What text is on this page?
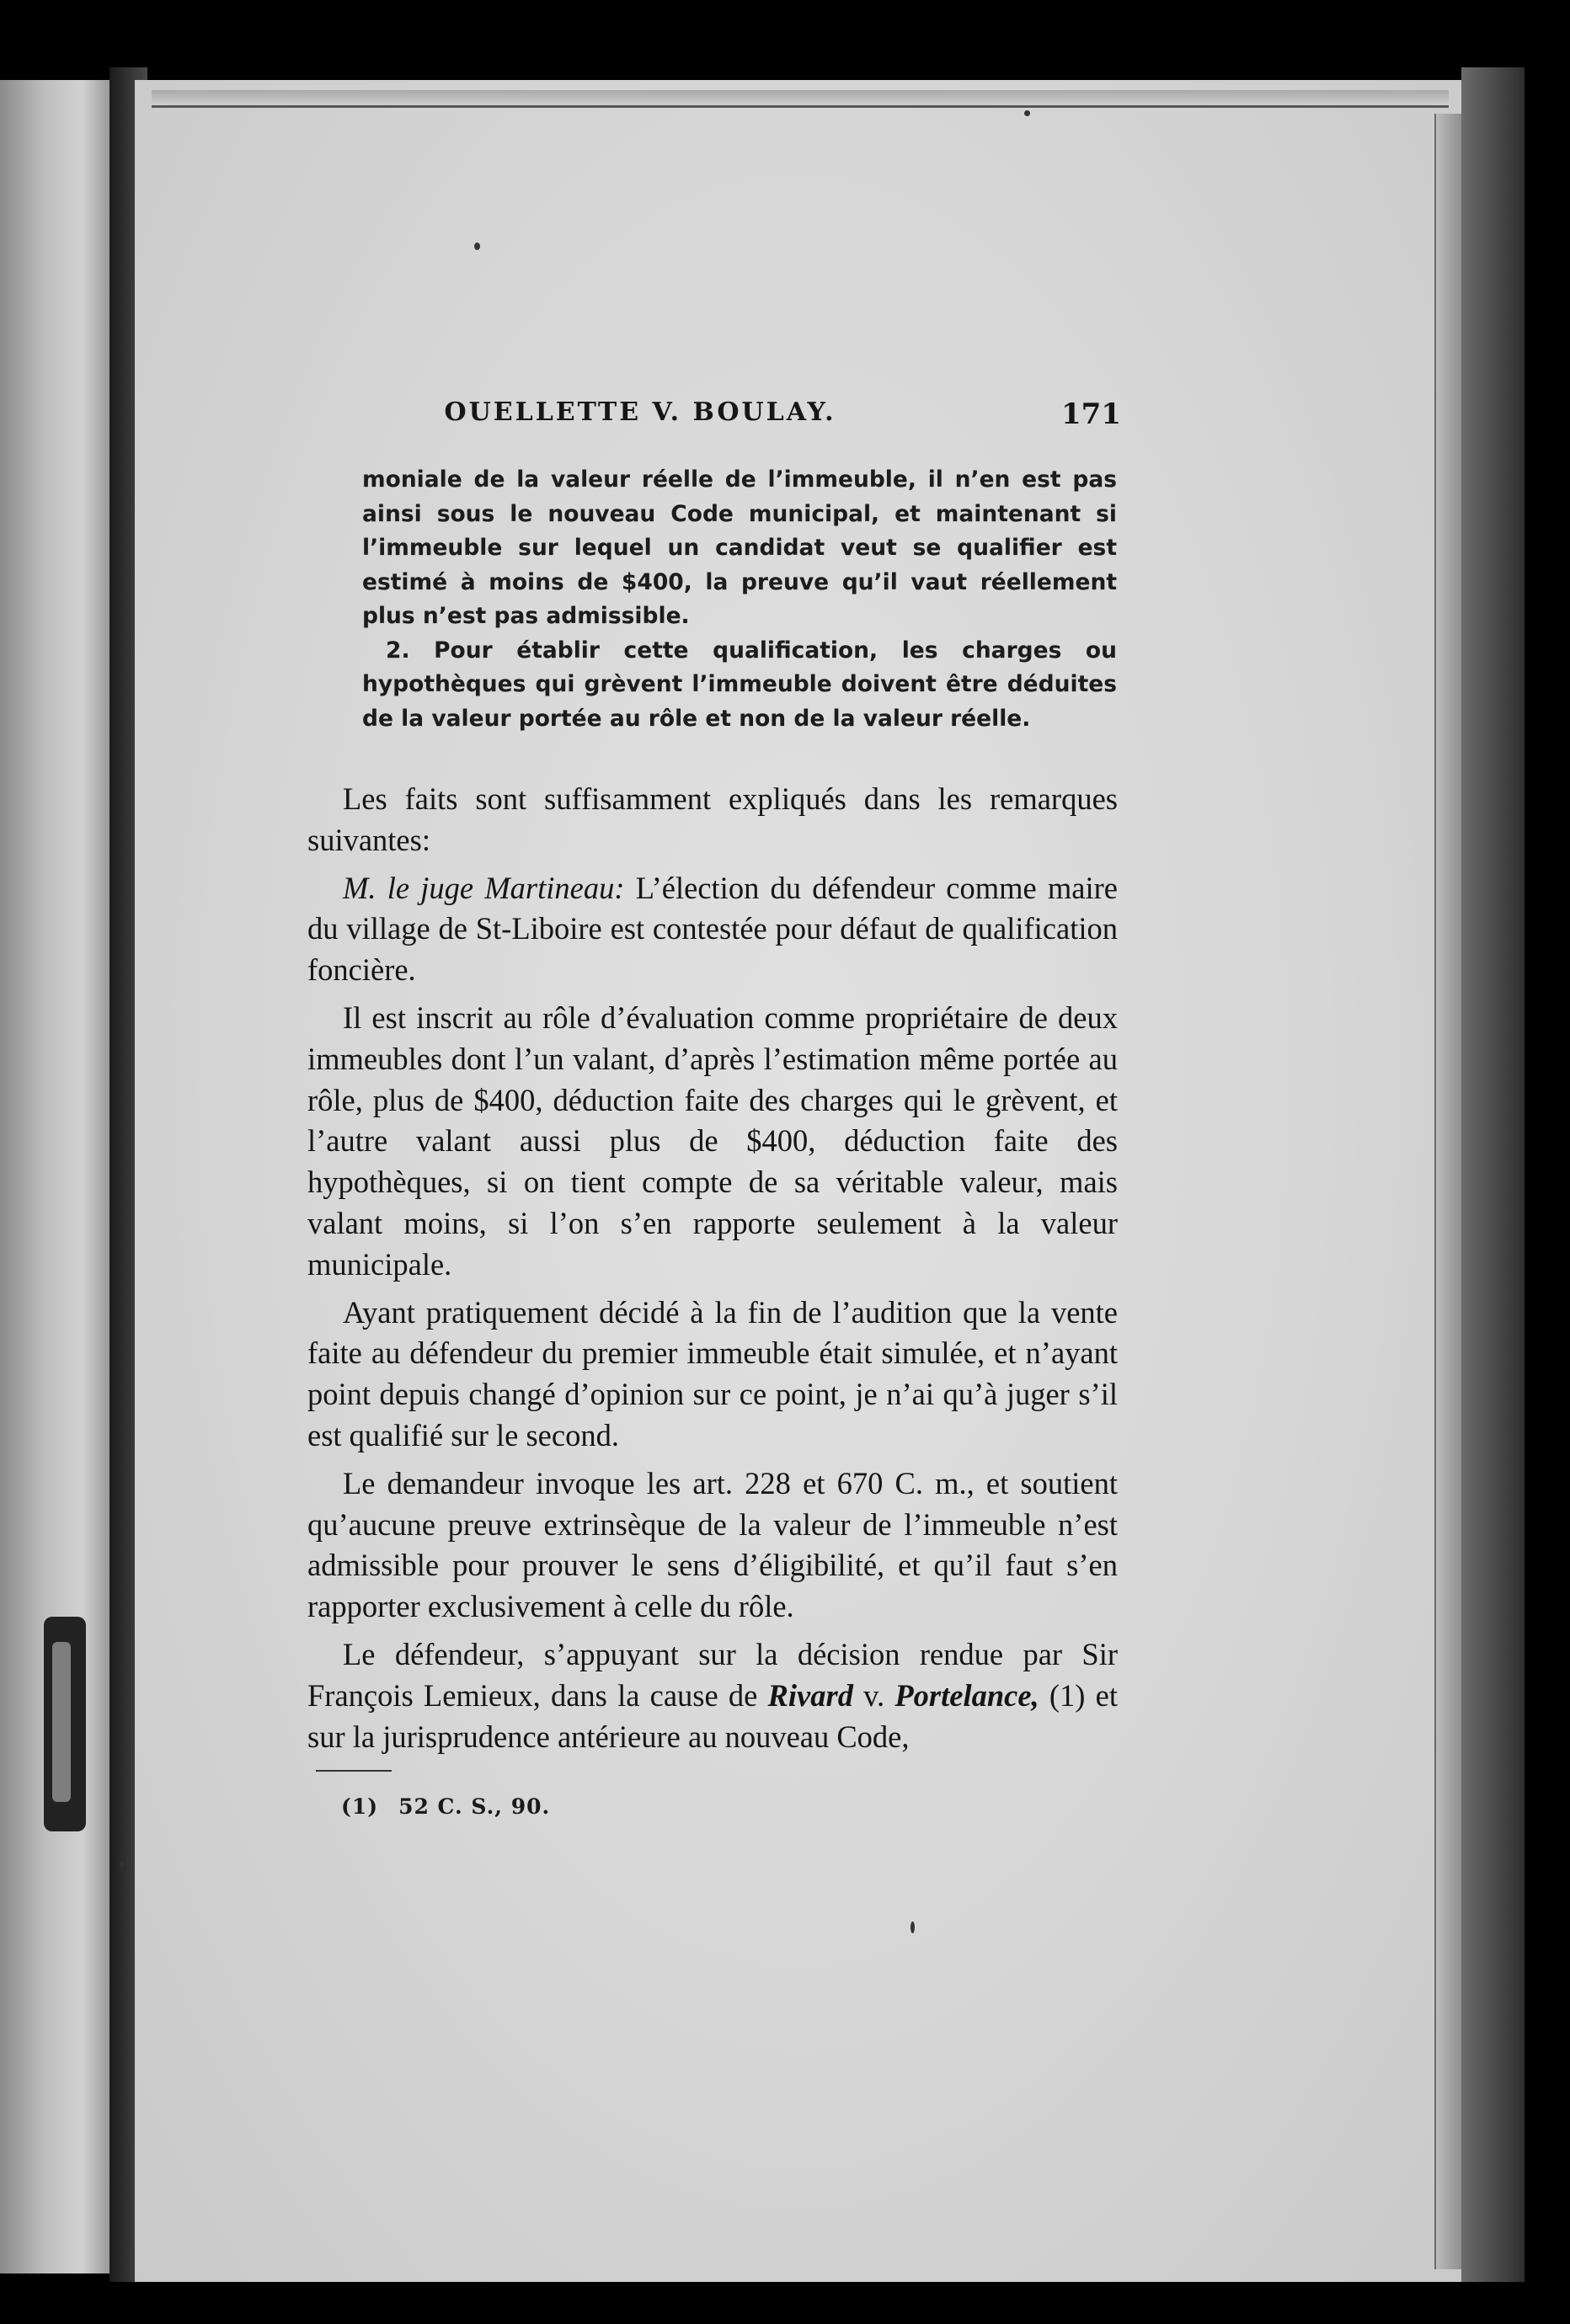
OUELLETTE V. BOULAY.	171

moniale de la valeur réelle de l’immeuble, il n’en est pas ainsi sous le nouveau Code municipal, et maintenant si l’immeuble sur lequel un candidat veut se qualifier est estimé à moins de $400, la preuve qu’il vaut réellement plus n’est pas admissible.

2. Pour établir cette qualification, les charges ou hypothèques qui grèvent l’immeuble doivent être déduites de la valeur portée au rôle et non de la valeur réelle.

Les faits sont suffisamment expliqués dans les remarques suivantes:

M. le juge Martineau: L’élection du défendeur comme maire du village de St-Liboire est contestée pour défaut de qualification foncière.

Il est inscrit au rôle d’évaluation comme propriétaire de deux immeubles dont l’un valant, d’après l’estimation même portée au rôle, plus de $400, déduction faite des charges qui le grèvent, et l’autre valant aussi plus de $400, déduction faite des hypothèques, si on tient compte de sa véritable valeur, mais valant moins, si l’on s’en rapporte seulement à la valeur municipale.

Ayant pratiquement décidé à la fin de l’audition que la vente faite au défendeur du premier immeuble était simulée, et n’ayant point depuis changé d’opinion sur ce point, je n’ai qu’à juger s’il est qualifié sur le second.

Le demandeur invoque les art. 228 et 670 C. m., et soutient qu’aucune preuve extrinsèque de la valeur de l’immeuble n’est admissible pour prouver le sens d’éligibilité, et qu’il faut s’en rapporter exclusivement à celle du rôle.

Le défendeur, s’appuyant sur la décision rendue par Sir François Lemieux, dans la cause de Rivard v. Portelance, (1) et sur la jurisprudence antérieure au nouveau Code,

(1) 52 C. S., 90.
